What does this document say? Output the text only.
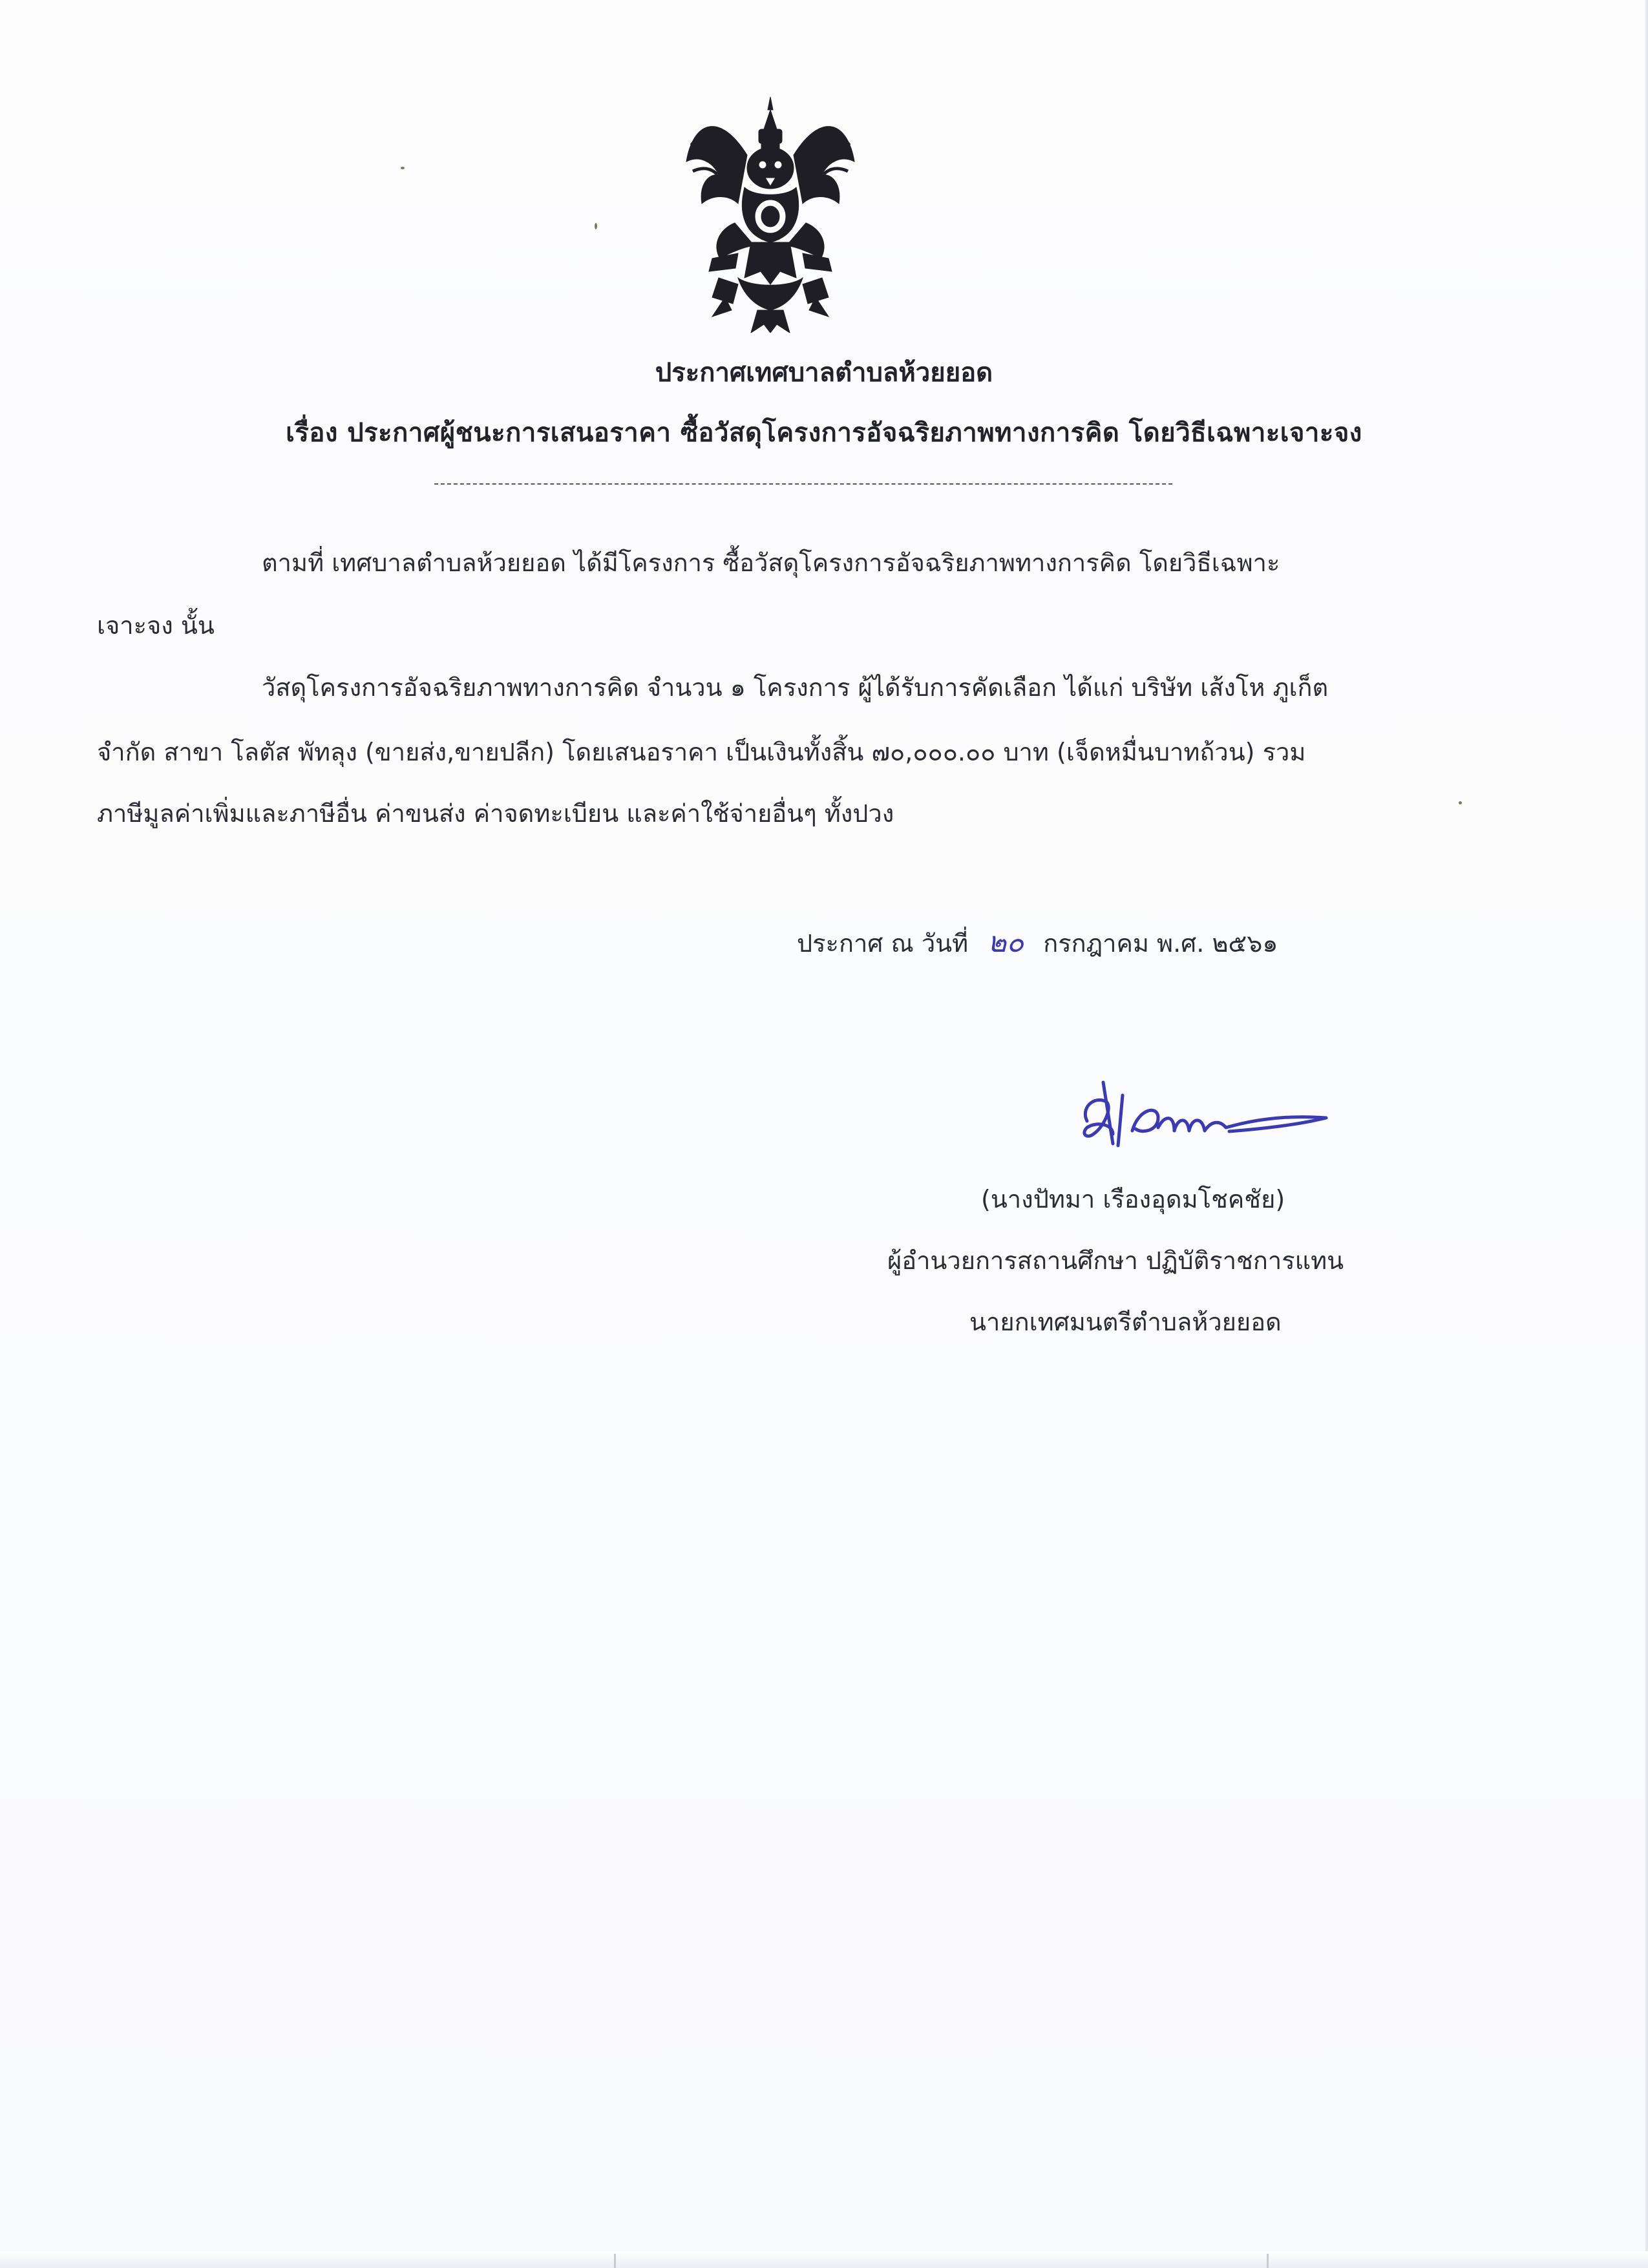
ประกาศเทศบาลตำบลห้วยยอด
เรื่อง ประกาศผู้ชนะการเสนอราคา ซื้อวัสดุโครงการอัจฉริยภาพทางการคิด โดยวิธีเฉพาะเจาะจง
ตามที่ เทศบาลตำบลห้วยยอด ได้มีโครงการ ซื้อวัสดุโครงการอัจฉริยภาพทางการคิด โดยวิธีเฉพาะ
เจาะจง นั้น
วัสดุโครงการอัจฉริยภาพทางการคิด จำนวน ๑ โครงการ ผู้ได้รับการคัดเลือก ได้แก่ บริษัท เส้งโห ภูเก็ต
จำกัด สาขา โลตัส พัทลุง (ขายส่ง,ขายปลีก) โดยเสนอราคา เป็นเงินทั้งสิ้น ๗๐,๐๐๐.๐๐ บาท (เจ็ดหมื่นบาทถ้วน) รวม
ภาษีมูลค่าเพิ่มและภาษีอื่น ค่าขนส่ง ค่าจดทะเบียน และค่าใช้จ่ายอื่นๆ ทั้งปวง
ประกาศ ณ วันที่ ๒๐ กรกฎาคม พ.ศ. ๒๕๖๑
(นางปัทมา เรืองอุดมโชคชัย)
ผู้อำนวยการสถานศึกษา ปฏิบัติราชการแทน
นายกเทศมนตรีตำบลห้วยยอด
